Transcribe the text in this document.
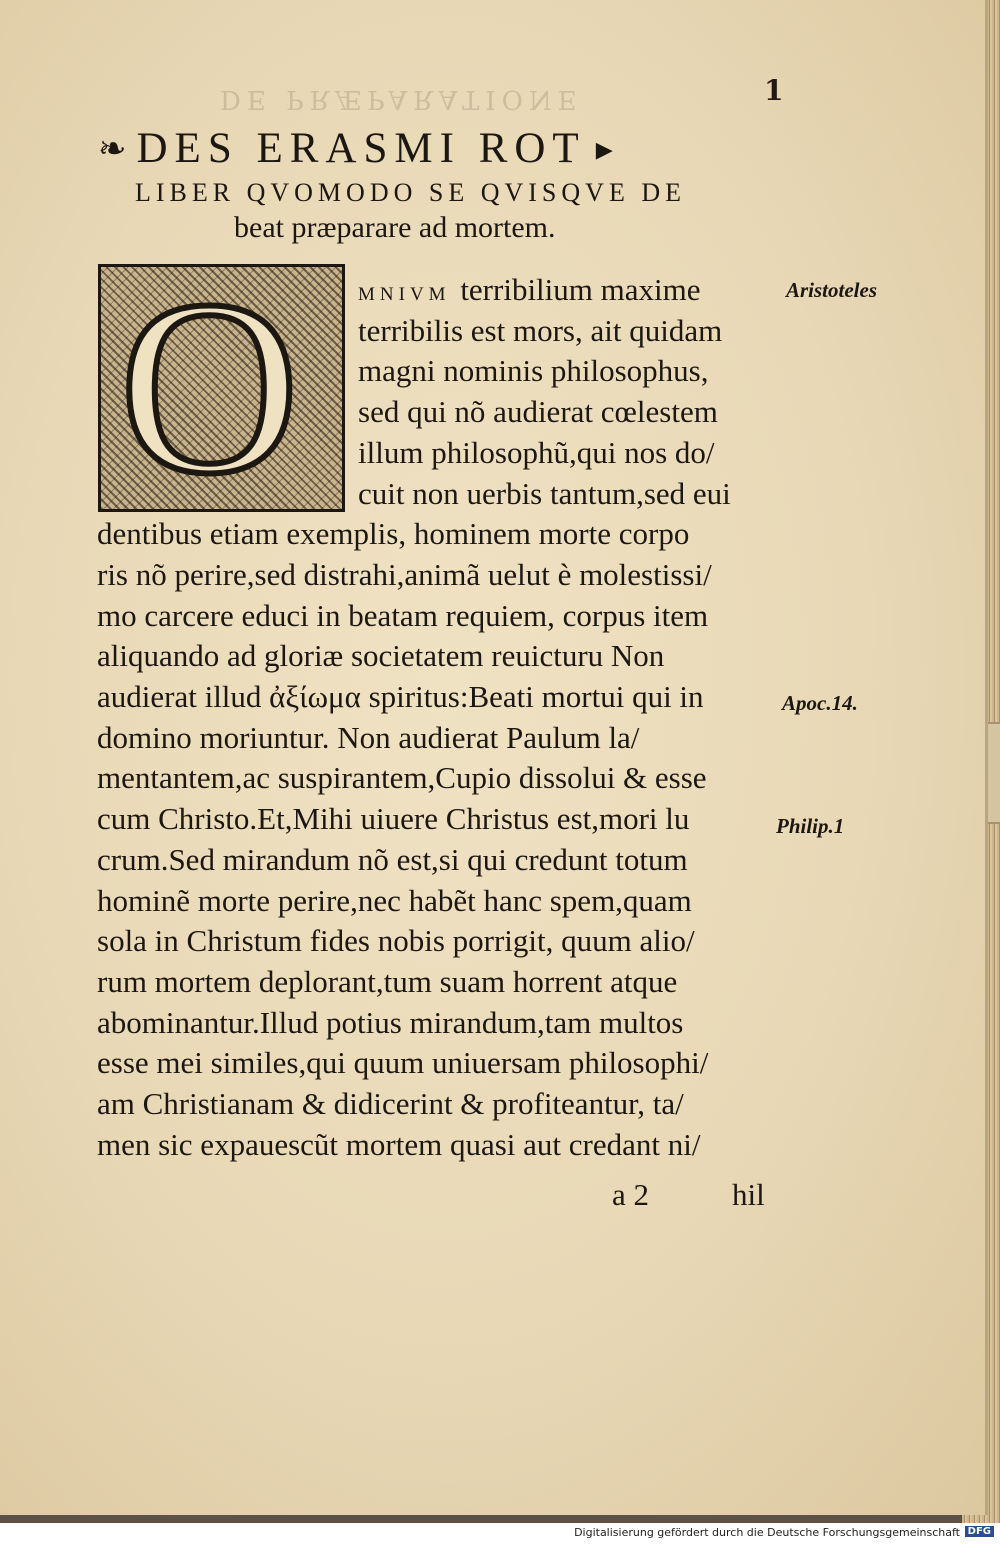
DE PRÆPARATIONE	1
❧ DES ERASMI ROT ▸
LIBER QVOMODO SE QVISQVE DE
beat præparare ad mortem.
O	MNIVM terribilium maxime
terribilis est mors, ait quidam
magni nominis philosophus,
sed qui nõ audierat cœlestem
illum philosophũ,qui nos do/
cuit non uerbis tantum,sed eui
dentibus etiam exemplis, hominem morte corpo
ris nõ perire,sed distrahi,animã uelut è molestissi/
mo carcere educi in beatam requiem, corpus item
aliquando ad gloriæ societatem reuicturu Non
audierat illud ἀξίωμα spiritus:Beati mortui qui in
domino moriuntur. Non audierat Paulum la/
mentantem,ac suspirantem,Cupio dissolui & esse
cum Christo.Et,Mihi uiuere Christus est,mori lu
crum.Sed mirandum nõ est,si qui credunt totum
hominẽ morte perire,nec habẽt hanc spem,quam
sola in Christum fides nobis porrigit, quum alio/
rum mortem deplorant,tum suam horrent atque
abominantur.Illud potius mirandum,tam multos
esse mei similes,qui quum uniuersam philosophi/
am Christianam & didicerint & profiteantur, ta/
men sic expauescũt mortem quasi aut credant ni/
Aristoteles
Apoc.14.
Philip.1
a 2	hil
Digitalisierung gefördert durch die Deutsche Forschungsgemeinschaft DFG
